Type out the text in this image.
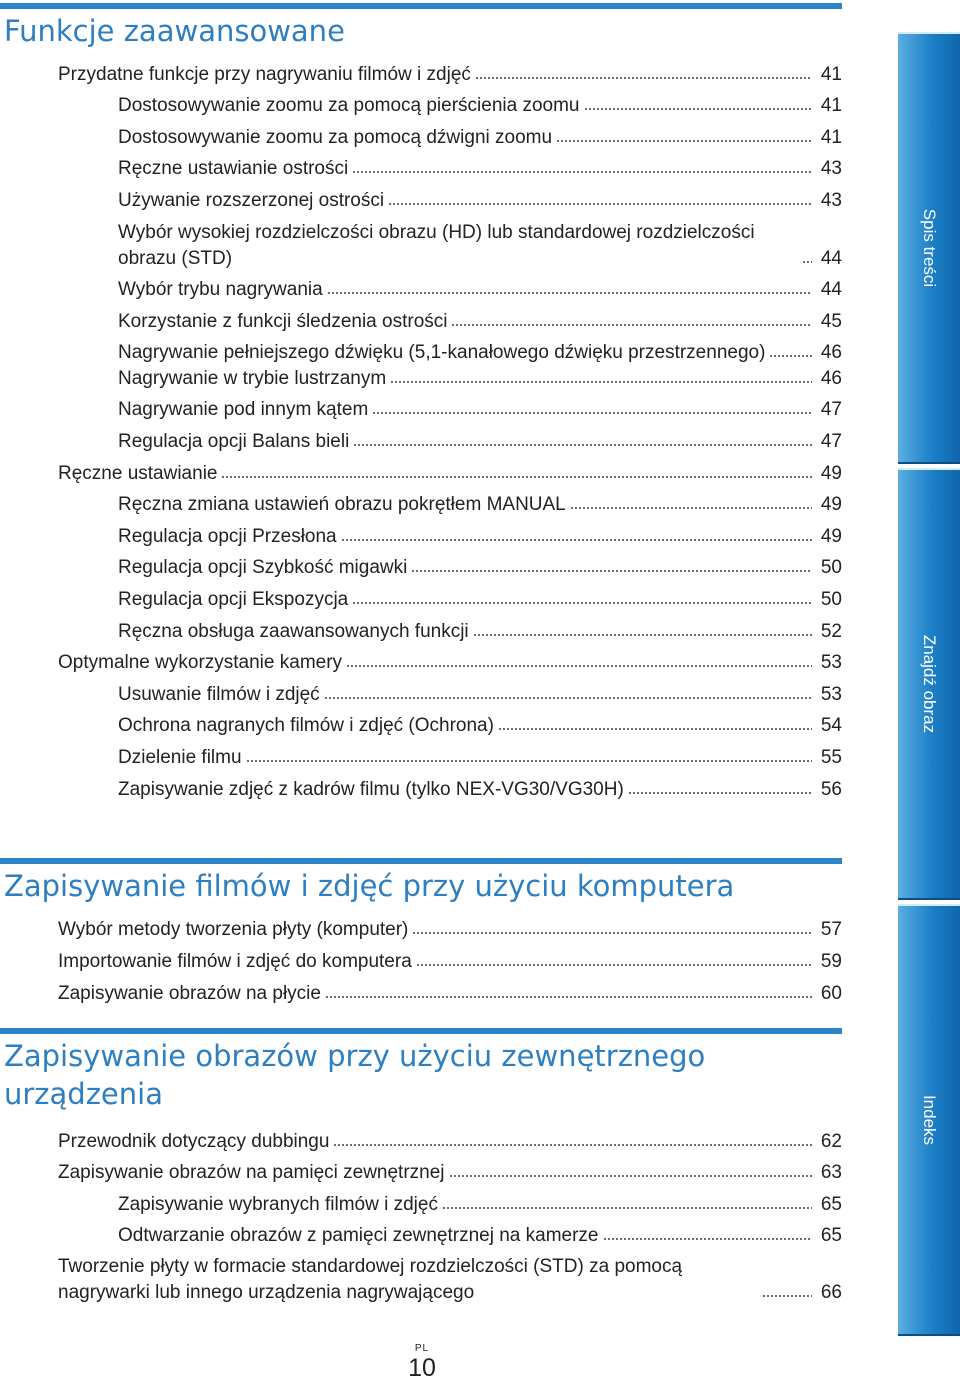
Funkcje zaawansowane
Przydatne funkcje przy nagrywaniu filmów i zdjęć	41
Dostosowywanie zoomu za pomocą pierścienia zoomu	41
Dostosowywanie zoomu za pomocą dźwigni zoomu	41
Ręczne ustawianie ostrości	43
Używanie rozszerzonej ostrości	43
Wybór wysokiej rozdzielczości obrazu (HD) lub standardowej rozdzielczości obrazu (STD)	44
Wybór trybu nagrywania	44
Korzystanie z funkcji śledzenia ostrości	45
Nagrywanie pełniejszego dźwięku (5,1-kanałowego dźwięku przestrzennego)	46
Nagrywanie w trybie lustrzanym	46
Nagrywanie pod innym kątem	47
Regulacja opcji Balans bieli	47
Ręczne ustawianie	49
Ręczna zmiana ustawień obrazu pokrętłem MANUAL	49
Regulacja opcji Przesłona	49
Regulacja opcji Szybkość migawki	50
Regulacja opcji Ekspozycja	50
Ręczna obsługa zaawansowanych funkcji	52
Optymalne wykorzystanie kamery	53
Usuwanie filmów i zdjęć	53
Ochrona nagranych filmów i zdjęć (Ochrona)	54
Dzielenie filmu	55
Zapisywanie zdjęć z kadrów filmu (tylko NEX-VG30/VG30H)	56
Zapisywanie filmów i zdjęć przy użyciu komputera
Wybór metody tworzenia płyty (komputer)	57
Importowanie filmów i zdjęć do komputera	59
Zapisywanie obrazów na płycie	60
Zapisywanie obrazów przy użyciu zewnętrznego urządzenia
Przewodnik dotyczący dubbingu	62
Zapisywanie obrazów na pamięci zewnętrznej	63
Zapisywanie wybranych filmów i zdjęć	65
Odtwarzanie obrazów z pamięci zewnętrznej na kamerze	65
Tworzenie płyty w formacie standardowej rozdzielczości (STD) za pomocą nagrywarki lub innego urządzenia nagrywającego	66
Spis treści
Znajdź obraz
Indeks
PL
10
